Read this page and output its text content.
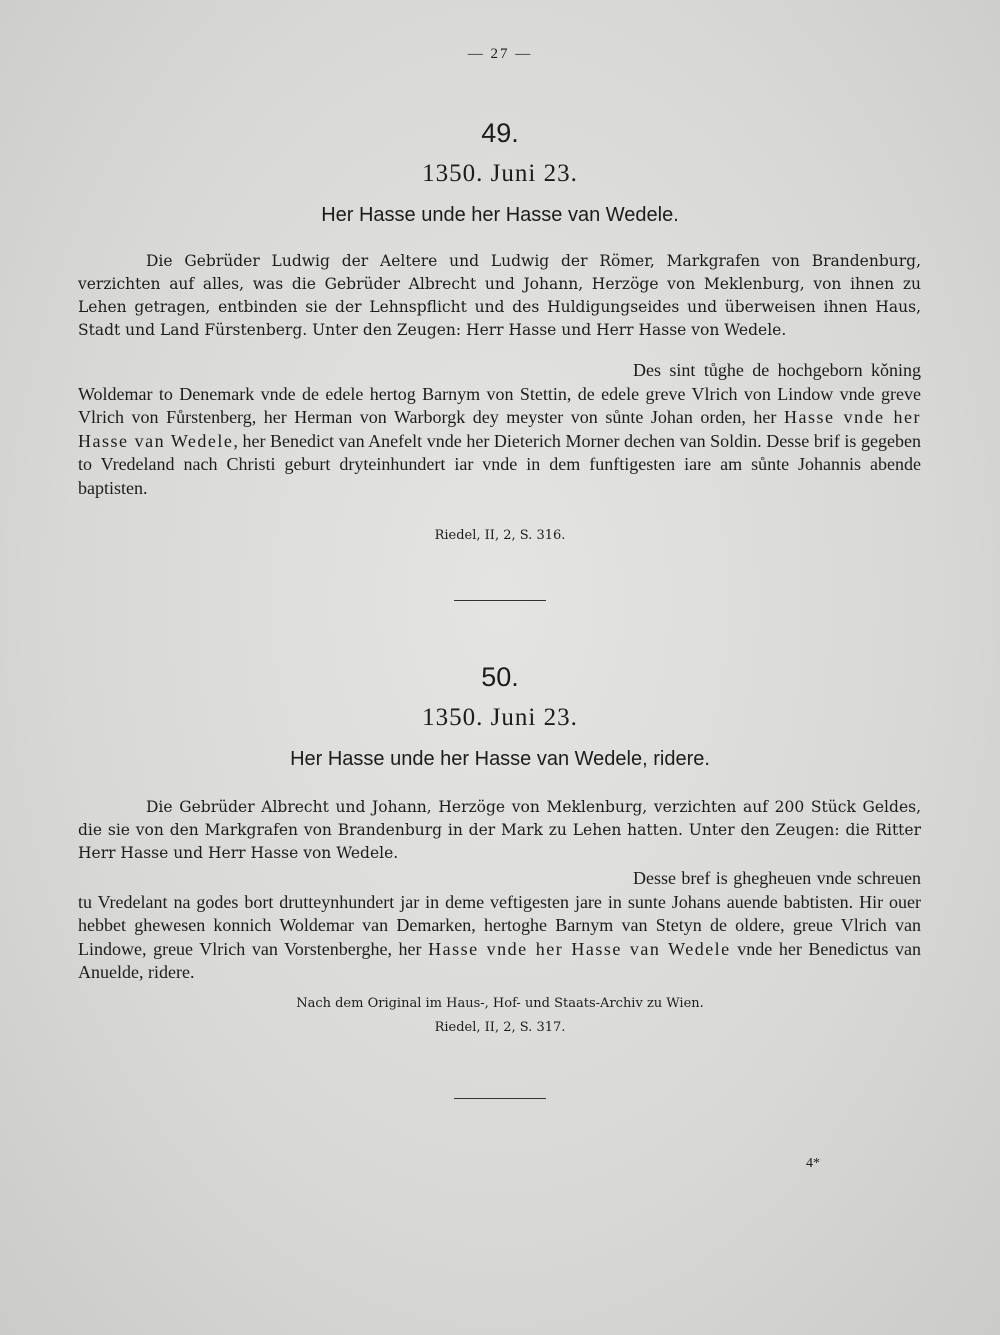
— 27 —
49.
1350. Juni 23.
Her Hasse unde her Hasse van Wedele.
Die Gebrüder Ludwig der Aeltere und Ludwig der Römer, Markgrafen von Brandenburg, verzichten auf alles, was die Gebrüder Albrecht und Johann, Herzöge von Meklenburg, von ihnen zu Lehen getragen, entbinden sie der Lehnspflicht und des Huldigungseides und überweisen ihnen Haus, Stadt und Land Fürstenberg. Unter den Zeugen: Herr Hasse und Herr Hasse von Wedele.
Des sint tůghe de hochgeborn kǒning Woldemar to Denemark vnde de edele hertog Barnym von Stettin, de edele greve Vlrich von Lindow vnde greve Vlrich von Fůrstenberg, her Herman von Warborgk dey meyster von sůnte Johan orden, her Hasse vnde her Hasse van Wedele, her Benedict van Anefelt vnde her Dieterich Morner dechen van Soldin. Desse brif is gegeben to Vredeland nach Christi geburt dryteinhundert iar vnde in dem funftigesten iare am sůnte Johannis abende baptisten.
Riedel, II, 2, S. 316.
50.
1350. Juni 23.
Her Hasse unde her Hasse van Wedele, ridere.
Die Gebrüder Albrecht und Johann, Herzöge von Meklenburg, verzichten auf 200 Stück Geldes, die sie von den Markgrafen von Brandenburg in der Mark zu Lehen hatten. Unter den Zeugen: die Ritter Herr Hasse und Herr Hasse von Wedele.
Desse bref is ghegheuen vnde schreuen tu Vredelant na godes bort drutteynhundert jar in deme veftigesten jare in sunte Johans auende babtisten. Hir ouer hebbet ghewesen konnich Woldemar van Demarken, hertoghe Barnym van Stetyn de oldere, greue Vlrich van Lindowe, greue Vlrich van Vorstenberghe, her Hasse vnde her Hasse van Wedele vnde her Benedictus van Anuelde, ridere.
Nach dem Original im Haus-, Hof- und Staats-Archiv zu Wien.
Riedel, II, 2, S. 317.
4*
